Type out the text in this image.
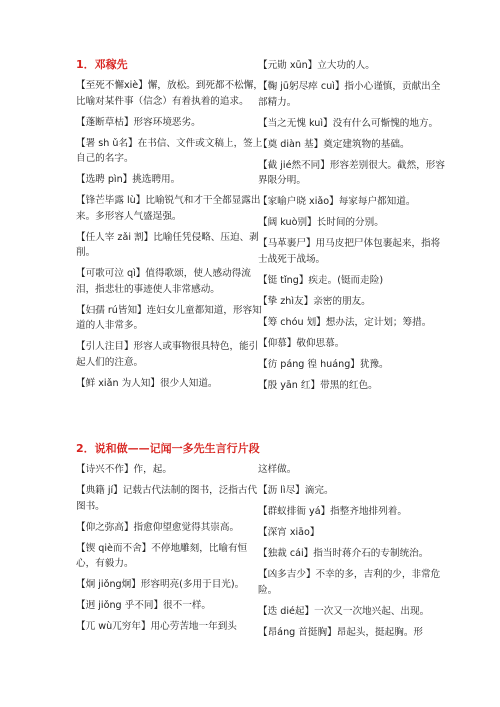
1．邓稼先
【至死不懈xiè】懈，放松。到死都不松懈，比喻对某件事（信念）有着执着的追求。
【蓬断草枯】形容环境恶劣。
【署 sh ǔ名】在书信、文件或文稿上，签上自己的名字。
【选聘 pìn】挑选聘用。
【锋芒毕露 lù】比喻锐气和才干全都显露出来。多形容人气盛逞强。
【任人宰 zǎi 割】比喻任凭侵略、压迫、剥削。
【可歌可泣 qì】值得歌颂，使人感动得流泪，指悲壮的事迹使人非常感动。
【妇孺 rú皆知】连妇女儿童都知道，形容知道的人非常多。
【引人注目】形容人或事物很具特色，能引起人们的注意。
【鲜 xiǎn 为人知】很少人知道。
【元勋 xūn】立大功的人。
【鞠 jū躬尽瘁 cuì】指小心谨慎，贡献出全部精力。
【当之无愧 kuì】没有什么可惭愧的地方。
【奠 diàn 基】奠定建筑物的基础。
【截 jié然不同】形容差别很大。截然，形容界限分明。
【家喻户晓 xiǎo】每家每户都知道。
【阔 kuò别】长时间的分别。
【马革裹尸】用马皮把尸体包裹起来，指将士战死于战场。
【铤 tǐng】疾走。(铤而走险)
【挚 zhì友】亲密的朋友。
【筹 chóu 划】想办法，定计划；筹措。
【仰慕】敬仰思慕。
【彷 páng 徨 huáng】犹豫。
【殷 yān 红】带黑的红色。
2．说和做——记闻一多先生言行片段
【诗兴不作】作，起。
【典籍 jí】记载古代法制的图书，泛指古代图书。
【仰之弥高】指愈仰望愈觉得其崇高。
【锲 qiè而不舍】不停地雕刻，比喻有恒心，有毅力。
【炯 jiǒng炯】形容明亮(多用于目光)。
【迥 jiǒng 乎不同】很不一样。
【兀 wù兀穷年】用心劳苦地一年到头
这样做。
【沥 lì尽】滴完。
【群蚁排衙 yá】指整齐地排列着。
【深宵 xiāo】
【独裁 cái】指当时蒋介石的专制统治。
【凶多吉少】不幸的多，吉利的少，非常危险。
【迭 dié起】一次又一次地兴起、出现。
【昂áng 首挺胸】昂起头，挺起胸。形
